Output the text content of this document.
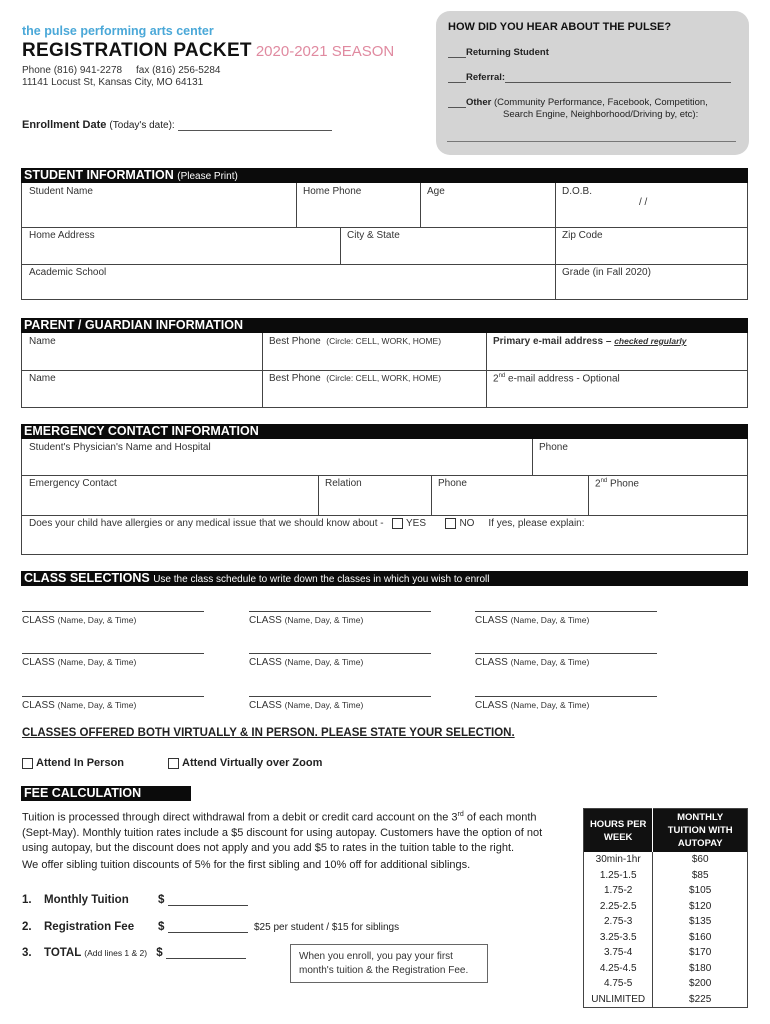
the pulse performing arts center
REGISTRATION PACKET 2020-2021 SEASON
Phone (816) 941-2278 fax (816) 256-5284
11141 Locust St, Kansas City, MO 64131
Enrollment Date (Today's date):
HOW DID YOU HEAR ABOUT THE PULSE?
Returning Student
Referral:
Other (Community Performance, Facebook, Competition,
Search Engine, Neighborhood/Driving by, etc):
STUDENT INFORMATION (Please Print)
Student Name	Home Phone	Age	D.O.B.
/ /
Home Address	City & State	Zip Code
Academic School	Grade (in Fall 2020)
PARENT / GUARDIAN INFORMATION
Name	Best Phone (Circle: CELL, WORK, HOME)	Primary e-mail address – checked regularly
Name	Best Phone (Circle: CELL, WORK, HOME)	2nd e-mail address - Optional
EMERGENCY CONTACT INFORMATION
Student's Physician's Name and Hospital	Phone
Emergency Contact	Relation	Phone	2nd Phone
Does your child have allergies or any medical issue that we should know about - YES	NO If yes, please explain:
CLASS SELECTIONS Use the class schedule to write down the classes in which you wish to enroll
CLASS (Name, Day, & Time)	CLASS (Name, Day, & Time)	CLASS (Name, Day, & Time)
CLASS (Name, Day, & Time)	CLASS (Name, Day, & Time)	CLASS (Name, Day, & Time)
CLASS (Name, Day, & Time)	CLASS (Name, Day, & Time)	CLASS (Name, Day, & Time)
CLASSES OFFERED BOTH VIRTUALLY & IN PERSON. PLEASE STATE YOUR SELECTION.
Attend In Person	Attend Virtually over Zoom
FEE CALCULATION
Tuition is processed through direct withdrawal from a debit or credit card account on the 3rd of each month
(Sept-May). Monthly tuition rates include a $5 discount for using autopay. Customers have the option of not
using autopay, but the discount does not apply and you add $5 to rates in the tuition table to the right.
We offer sibling tuition discounts of 5% for the first sibling and 10% off for additional siblings.
1. Monthly Tuition	$
2. Registration Fee $	$25 per student / $15 for siblings
3. TOTAL (Add lines 1 & 2) $	When you enroll, you pay your first month's tuition & the Registration Fee.
HOURS PER WEEK	MONTHLY TUITION WITH AUTOPAY
30min-1hr	$60
1.25-1.5	$85
1.75-2	$105
2.25-2.5	$120
2.75-3	$135
3.25-3.5	$160
3.75-4	$170
4.25-4.5	$180
4.75-5	$200
UNLIMITED	$225
